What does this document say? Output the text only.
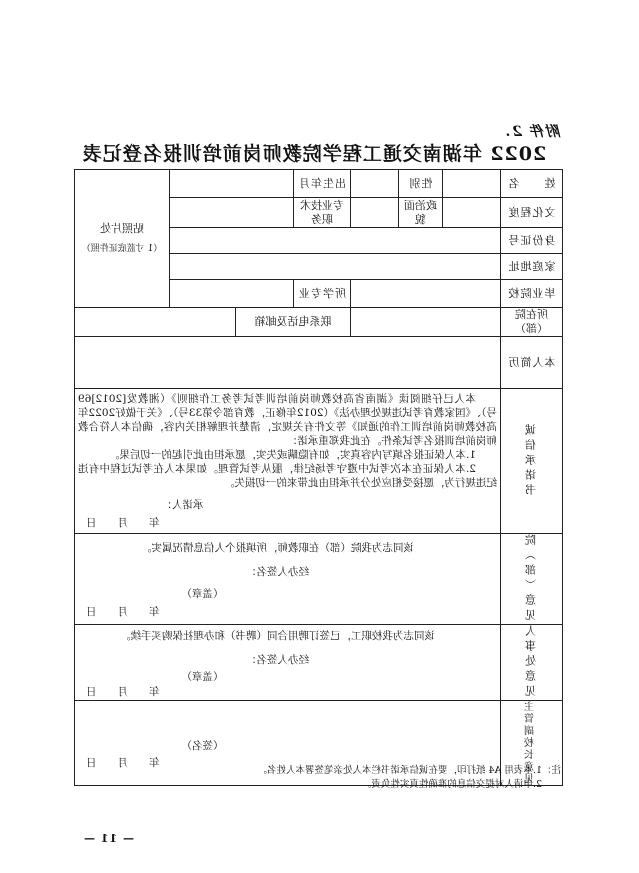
附件 2.
2022 年湖南交通工程学院教师岗前培训报名登记表
姓　　名		性别		出生年月			贴照片处
（1 寸蓝底证件照）

文化程度		政治面貌		专业技术职务			
身份证号							
家庭地址							
毕业院校				所学专业			
所在院（部）				联系电话及邮箱			
本人简历							
诚信承诺书	本人已仔细阅读《湖南省高校教师岗前培训考试考务工作细则》（湘教发[2012]69号）、《国家教育考试违规处理办法》（2012年修正，教育部令第33号）、《关于做好2022年高校教师岗前培训工作的通知》等文件有关规定，清楚并理解相关内容，确信本人符合教师岗前培训报名考试条件。在此我郑重承诺：

1.本人保证报名填写内容真实，如有隐瞒或失实，愿承担由此引起的一切后果。

2.本人保证在本次考试中遵守考场纪律，服从考试管理。如果本人在考试过程中有违纪违规行为，愿接受相应处分并承担由此带来的一切损失。

承诺人：
年　　月　　日						

院（部）意见	该同志为我院（部）在职教师，所填报个人信息情况属实。
经办人签名：
（盖章）
年　　月　　日						

人事处意见	该同志为我校职工，已签订聘用合同（聘书）和办理社保购买手续。
经办人签名：
（盖章）
年　　月　　日						

主管副校长意见	（签名）
年　　月　　日						
注：1.本表用 A4 纸打印，要在诚信承诺书栏本人处亲笔签署本人姓名。
　　2.申请人对提交信息的准确性真实性负责。
— 11 —
